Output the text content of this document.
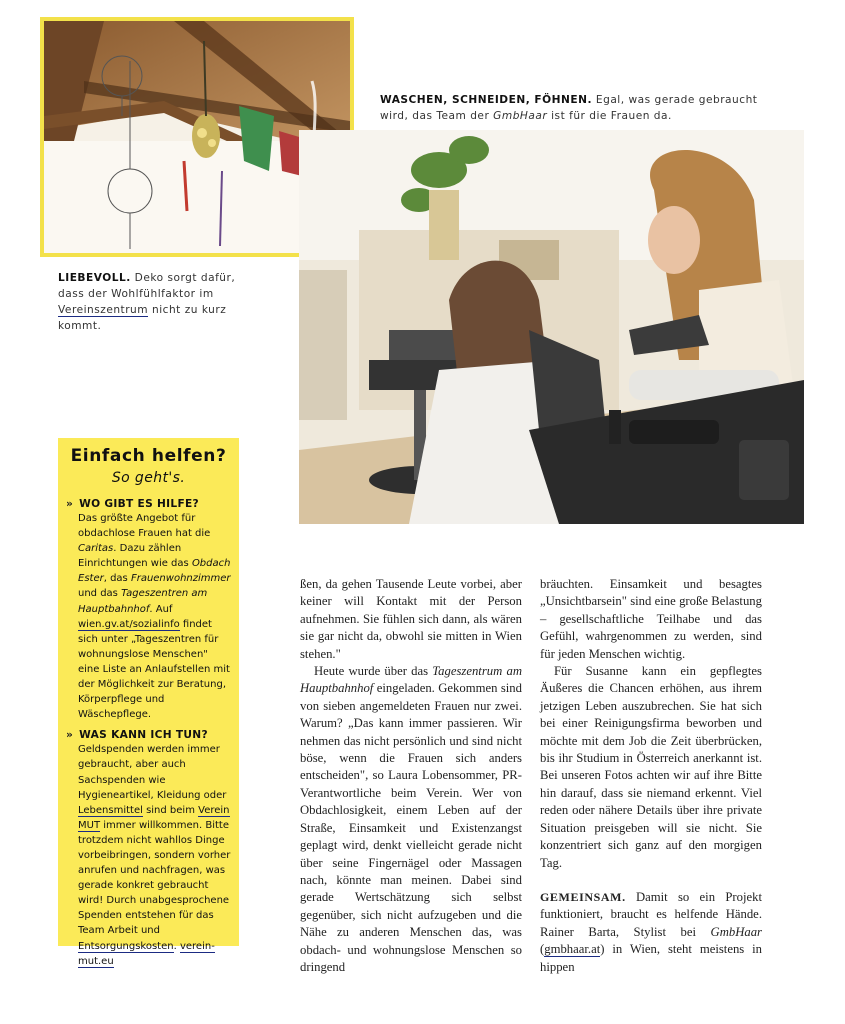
WASCHEN, SCHNEIDEN, FÖHNEN. Egal, was gerade gebraucht wird, das Team der GmbHaar ist für die Frauen da.
LIEBEVOLL. Deko sorgt dafür, dass der Wohlfühlfaktor im Vereinszentrum nicht zu kurz kommt.
Einfach helfen?
So geht's.
» WO GIBT ES HILFE?
Das größte Angebot für obdachlose Frauen hat die Caritas. Dazu zählen Einrichtungen wie das Obdach Ester, das Frauenwohnzimmer und das Tageszentren am Hauptbahnhof. Auf wien.gv.at/sozialinfo findet sich unter „Tageszentren für wohnungslose Menschen" eine Liste an Anlaufstellen mit der Möglichkeit zur Beratung, Körperpflege und Wäschepflege.
» WAS KANN ICH TUN?
Geldspenden werden immer gebraucht, aber auch Sachspenden wie Hygieneartikel, Kleidung oder Lebensmittel sind beim Verein MUT immer willkommen. Bitte trotzdem nicht wahllos Dinge vorbeibringen, sondern vorher anrufen und nachfragen, was gerade konkret gebraucht wird! Durch unabgesprochene Spenden entstehen für das Team Arbeit und Entsorgungskosten. verein-mut.eu

ßen, da gehen Tausende Leute vorbei, aber keiner will Kontakt mit der Person aufnehmen. Sie fühlen sich dann, als wären sie gar nicht da, obwohl sie mitten in Wien stehen."

Heute wurde über das Tageszentrum am Hauptbahnhof eingeladen. Gekommen sind von sieben angemeldeten Frauen nur zwei. Warum? „Das kann immer passieren. Wir nehmen das nicht persönlich und sind nicht böse, wenn die Frauen sich anders entscheiden", so Laura Lobensommer, PR-Verantwortliche beim Verein. Wer von Obdachlosigkeit, einem Leben auf der Straße, Einsamkeit und Existenzangst geplagt wird, denkt vielleicht gerade nicht über seine Fingernägel oder Massagen nach, könnte man meinen. Dabei sind gerade Wertschätzung sich selbst gegenüber, sich nicht aufzugeben und die Nähe zu anderen Menschen das, was obdach- und wohnungslose Menschen so dringend

bräuchten. Einsamkeit und besagtes „Unsichtbarsein" sind eine große Belastung – gesellschaftliche Teilhabe und das Gefühl, wahrgenommen zu werden, sind für jeden Menschen wichtig.

Für Susanne kann ein gepflegtes Äußeres die Chancen erhöhen, aus ihrem jetzigen Leben auszubrechen. Sie hat sich bei einer Reinigungsfirma beworben und möchte mit dem Job die Zeit überbrücken, bis ihr Studium in Österreich anerkannt ist. Bei unseren Fotos achten wir auf ihre Bitte hin darauf, dass sie niemand erkennt. Viel reden oder nähere Details über ihre private Situation preisgeben will sie nicht. Sie konzentriert sich ganz auf den morgigen Tag.

GEMEINSAM. Damit so ein Projekt funktioniert, braucht es helfende Hände. Rainer Barta, Stylist bei GmbHaar (gmbhaar.at) in Wien, steht meistens in hippen
